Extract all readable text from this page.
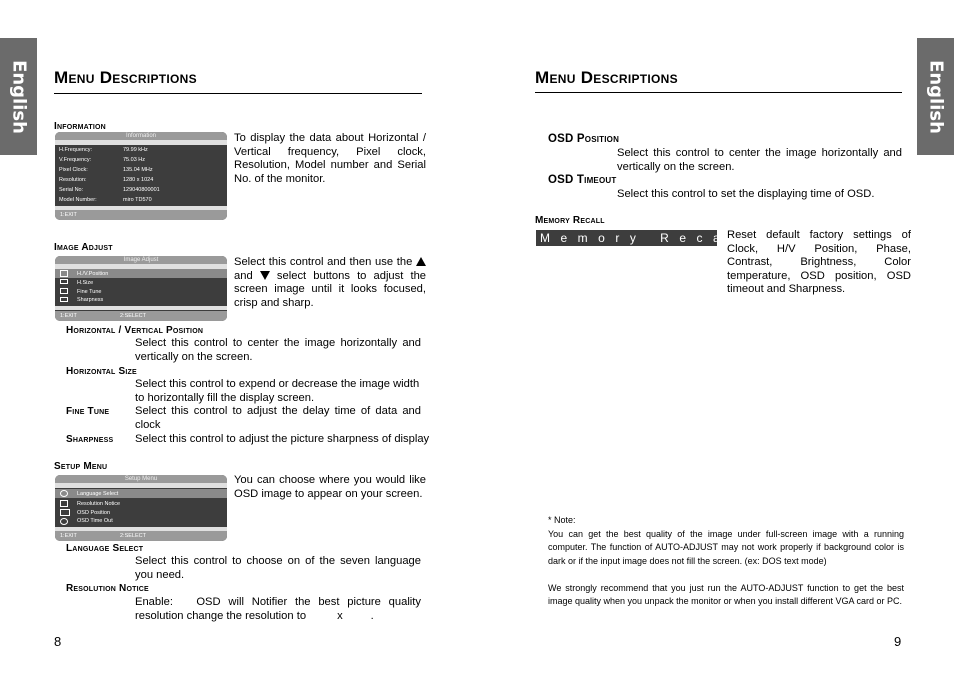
English	English
Menu Descriptions
Information
Information
H.Frequency:	79.99 kHz
V.Frequency:	75.03 Hz
Pixel Clock:	135.04 MHz
Resolution:	1280 x 1024
Serial No:	129040800001
Model Number:	miro TD570
1:EXIT
To display the data about Horizontal / Vertical frequency, Pixel clock, Resolution, Model number and Serial No. of the monitor.
Image Adjust
Image Adjust
H./V.Position
H.Size
Fine Tune
Sharpness
1:EXIT	2:SELECT
Select this control and then use the  and select buttons to adjust the screen image until it looks focused, crisp and sharp.
Horizontal / Vertical Position
Select this control to center the image horizontally and vertically on the screen.
Horizontal Size
Select this control to expend or decrease the image width to horizontally fill the display screen.
Fine Tune Select this control to adjust the delay time of data and clock
Sharpness Select this control to adjust the picture sharpness of display
Setup Menu
Setup Menu
Language Select
Resolution Notice
OSD Position
OSD Time Out
1:EXIT	2:SELECT
You can choose where you would like OSD image to appear on your screen.
Language Select
Select this control to choose on of the seven language you need.
Resolution Notice
Enable:   OSD will Notifier the best picture quality resolution change the resolution to          x         .
8
Menu Descriptions
OSD Position
Select this control to center the image horizontally and vertically on the screen.
OSD Timeout
Select this control to set the displaying time of OSD.
Memory Recall
Memory Recall
Reset default factory settings of Clock, H/V Position, Phase, Contrast, Brightness, Color temperature, OSD position, OSD timeout and Sharpness.
* Note:
You can get the best quality of the image under full-screen image with a running computer. The function of AUTO-ADJUST may not work properly if background color is dark or if the input image does not fill the screen. (ex: DOS text mode)
We strongly recommend that you just run the AUTO-ADJUST function to get the best image quality when you unpack the monitor or when you install different VGA card or PC.
9
